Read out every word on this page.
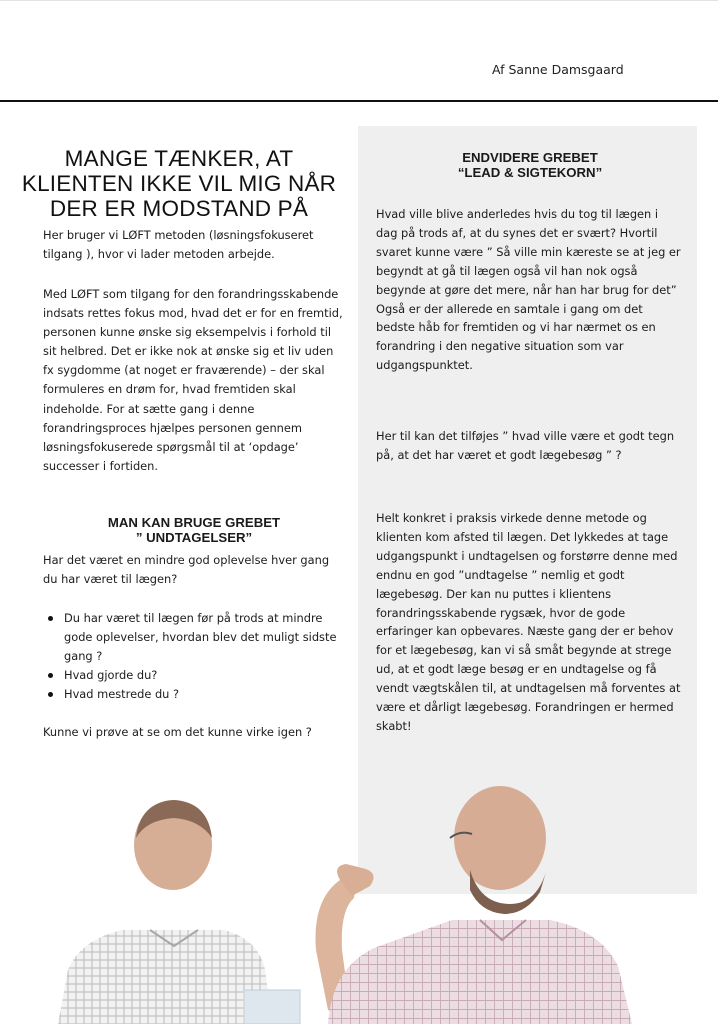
Af Sanne Damsgaard
MANGE TÆNKER, AT KLIENTEN IKKE VIL MIG NÅR DER ER MODSTAND PÅ

Her bruger vi LØFT metoden (løsningsfokuseret tilgang ), hvor vi lader metoden arbejde.

Med LØFT som tilgang for den forandringsskabende indsats rettes fokus mod, hvad det er for en fremtid, personen kunne ønske sig eksempelvis i forhold til sit helbred. Det er ikke nok at ønske sig et liv uden fx sygdomme (at noget er fraværende) – der skal formuleres en drøm for, hvad fremtiden skal indeholde. For at sætte gang i denne forandringsproces hjælpes personen gennem løsningsfokuserede spørgsmål til at ‘opdage’ successer i fortiden.

MAN KAN BRUGE GREBET
” UNDTAGELSER”

Har det været en mindre god oplevelse hver gang du har været til lægen?

Du har været til lægen før på trods at mindre gode oplevelser, hvordan blev det muligt sidste gang ?
Hvad gjorde du?
Hvad mestrede du ?

Kunne vi prøve at se om det kunne virke igen ?

ENDVIDERE GREBET
“LEAD & SIGTEKORN”

Hvad ville blive anderledes hvis du tog til lægen i dag på trods af, at du synes det er svært? Hvortil svaret kunne være ” Så ville min kæreste se at jeg er begyndt at gå til lægen også vil han nok også begynde at gøre det mere, når han har brug for det” Også er der allerede en samtale i gang om det bedste håb for fremtiden og vi har nærmet os en forandring i den negative situation som var udgangspunktet.

Her til kan det tilføjes ” hvad ville være et godt tegn på, at det har været et godt lægebesøg ” ?

Helt konkret i praksis virkede denne metode og klienten kom afsted til lægen. Det lykkedes at tage udgangspunkt i undtagelsen og forstørre denne med endnu en god ”undtagelse ” nemlig et godt lægebesøg. Der kan nu puttes i klientens forandringsskabende rygsæk, hvor de gode erfaringer kan opbevares. Næste gang der er behov for et lægebesøg, kan vi så småt begynde at strege ud, at et godt læge besøg er en undtagelse og få vendt vægtskålen til, at undtagelsen må forventes at være et dårligt lægebesøg. Forandringen er hermed skabt!
